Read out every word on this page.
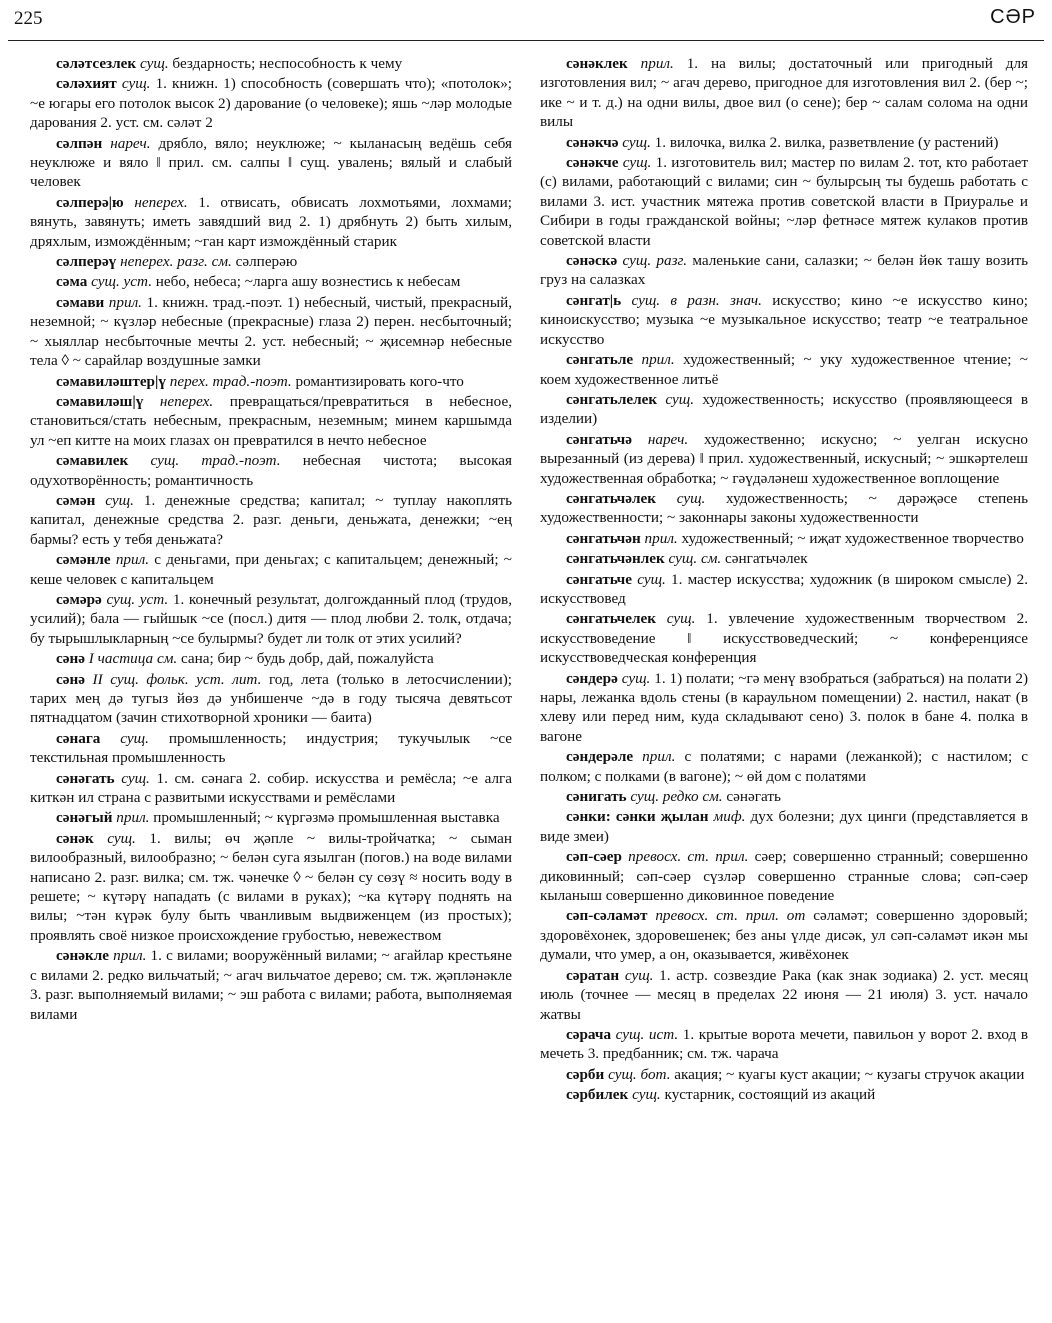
225	СӘР

сәләтсезлек сущ. бездарность; неспособность к чему

сәләхият сущ. 1. книжн. 1) способность (совершать что); «потолок»; ~е югары его потолок высок 2) дарование (о человеке); яшь ~ләр молодые дарования 2. уст. см. сәләт 2

сәлпән нареч. дрябло, вяло; неуклюже; ~ кыланасың ведёшь себя неуклюже и вяло ‖ прил. см. салпы ‖ сущ. увалень; вялый и слабый человек

сәлперә|ю неперех. 1. отвисать, обвисать лохмотьями, лохмами; вянуть, завянуть; иметь завядший вид 2. 1) дрябнуть 2) быть хилым, дряхлым, измождённым; ~ган карт измождённый старик

сәлперәү неперех. разг. см. сәлперәю

сәма сущ. уст. небо, небеса; ~ларга ашу вознестись к небесам

сәмави прил. 1. книжн. трад.-поэт. 1) небесный, чистый, прекрасный, неземной; ~ күзләр небесные (прекрасные) глаза 2) перен. несбыточный; ~ хыяллар несбыточные мечты 2. уст. небесный; ~ җисемнәр небесные тела ◊ ~ сарайлар воздушные замки

сәмавиләштер|ү перех. трад.-поэт. романтизировать кого-что

сәмавиләш|ү неперех. превращаться/превратиться в небесное, становиться/стать небесным, прекрасным, неземным; минем каршымда ул ~еп китте на моих глазах он превратился в нечто небесное

сәмавилек сущ. трад.-поэт. небесная чистота; высокая одухотворённость; романтичность

сәмән сущ. 1. денежные средства; капитал; ~ туплау накоплять капитал, денежные средства 2. разг. деньги, деньжата, денежки; ~ең бармы? есть у тебя деньжата?

сәмәнле прил. с деньгами, при деньгах; с капитальцем; денежный; ~ кеше человек с капитальцем

сәмәрә сущ. уст. 1. конечный результат, долгожданный плод (трудов, усилий); бала — гыйшык ~се (посл.) дитя — плод любви 2. толк, отдача; бу тырышлыкларның ~се булырмы? будет ли толк от этих усилий?

сәнә I частица см. сана; бир ~ будь добр, дай, пожалуйста

сәнә II сущ. фольк. уст. лит. год, лета (только в летосчислении); тарих мең дә тугыз йөз дә унбишенче ~дә в году тысяча девятьсот пятнадцатом (зачин стихотворной хроники — баита)

сәнага сущ. промышленность; индустрия; тукучылык ~се текстильная промышленность

сәнәгать сущ. 1. см. сәнага 2. собир. искусства и ремёсла; ~е алга киткән ил страна с развитыми искусствами и ремёслами

сәнәгый прил. промышленный; ~ күргәзмә промышленная выставка

сәнәк сущ. 1. вилы; өч җәпле ~ вилы-тройчатка; ~ сыман вилообразный, вилообразно; ~ белән суга язылган (погов.) на воде вилами написано 2. разг. вилка; см. тж. чәнечке ◊ ~ белән су сөзү ≈ носить воду в решете; ~ күтәрү нападать (с вилами в руках); ~ка күтәрү поднять на вилы; ~тән күрәк булу быть чванливым выдвиженцем (из простых); проявлять своё низкое происхождение грубостью, невежеством

сәнәкле прил. 1. с вилами; вооружённый вилами; ~ агайлар крестьяне с вилами 2. редко вильчатый; ~ агач вильчатое дерево; см. тж. җәпләнәкле 3. разг. выполняемый вилами; ~ эш работа с вилами; работа, выполняемая вилами

сәнәклек прил. 1. на вилы; достаточный или пригодный для изготовления вил; ~ агач дерево, пригодное для изготовления вил 2. (бер ~; ике ~ и т. д.) на одни вилы, двое вил (о сене); бер ~ салам солома на одни вилы

сәнәкчә сущ. 1. вилочка, вилка 2. вилка, разветвление (у растений)

сәнәкче сущ. 1. изготовитель вил; мастер по вилам 2. тот, кто работает (с) вилами, работающий с вилами; син ~ булырсың ты будешь работать с вилами 3. ист. участник мятежа против советской власти в Приуралье и Сибири в годы гражданской войны; ~ләр фетнәсе мятеж кулаков против советской власти

сәнәскә сущ. разг. маленькие сани, салазки; ~ белән йөк ташу возить груз на салазках

сәнгат|ь сущ. в разн. знач. искусство; кино ~е искусство кино; киноискусство; музыка ~е музыкальное искусство; театр ~е театральное искусство

сәнгатьле прил. художественный; ~ уку художественное чтение; ~ коем художественное литьё

сәнгатьлелек сущ. художественность; искусство (проявляющееся в изделии)

сәнгатьчә нареч. художественно; искусно; ~ уелган искусно вырезанный (из дерева) ‖ прил. художественный, искусный; ~ эшкәртелеш художественная обработка; ~ гәүдәләнеш художественное воплощение

сәнгатьчәлек сущ. художественность; ~ дәрәҗәсе степень художественности; ~ законнары законы художественности

сәнгатьчән прил. художественный; ~ иҗат художественное творчество

сәнгатьчәнлек сущ. см. сәнгатьчәлек

сәнгатьче сущ. 1. мастер искусства; художник (в широком смысле) 2. искусствовед

сәнгатьчелек сущ. 1. увлечение художественным творчеством 2. искусствоведение ‖ искусствоведческий; ~ конференциясе искусствоведческая конференция

сәндерә сущ. 1. 1) полати; ~гә менү взобраться (забраться) на полати 2) нары, лежанка вдоль стены (в караульном помещении) 2. настил, накат (в хлеву или перед ним, куда складывают сено) 3. полок в бане 4. полка в вагоне

сәндерәле прил. с полатями; с нарами (лежанкой); с настилом; с полком; с полками (в вагоне); ~ өй дом с полатями

сәнигать сущ. редко см. сәнәгать

сәнки: сәнки җылан миф. дух болезни; дух цинги (представляется в виде змеи)

сәп-сәер превосх. ст. прил. сәер; совершенно странный; совершенно диковинный; сәп-сәер сүзләр совершенно странные слова; сәп-сәер кыланыш совершенно диковинное поведение

сәп-сәламәт превосх. ст. прил. от сәламәт; совершенно здоровый; здоровёхонек, здоровешенек; без аны үлде дисәк, ул сәп-сәламәт икән мы думали, что умер, а он, оказывается, живёхонек

сәратан сущ. 1. астр. созвездие Рака (как знак зодиака) 2. уст. месяц июль (точнее — месяц в пределах 22 июня — 21 июля) 3. уст. начало жатвы

сәрача сущ. ист. 1. крытые ворота мечети, павильон у ворот 2. вход в мечеть 3. предбанник; см. тж. чарача

сәрби сущ. бот. акация; ~ куагы куст акации; ~ кузагы стручок акации

сәрбилек сущ. кустарник, состоящий из акаций
